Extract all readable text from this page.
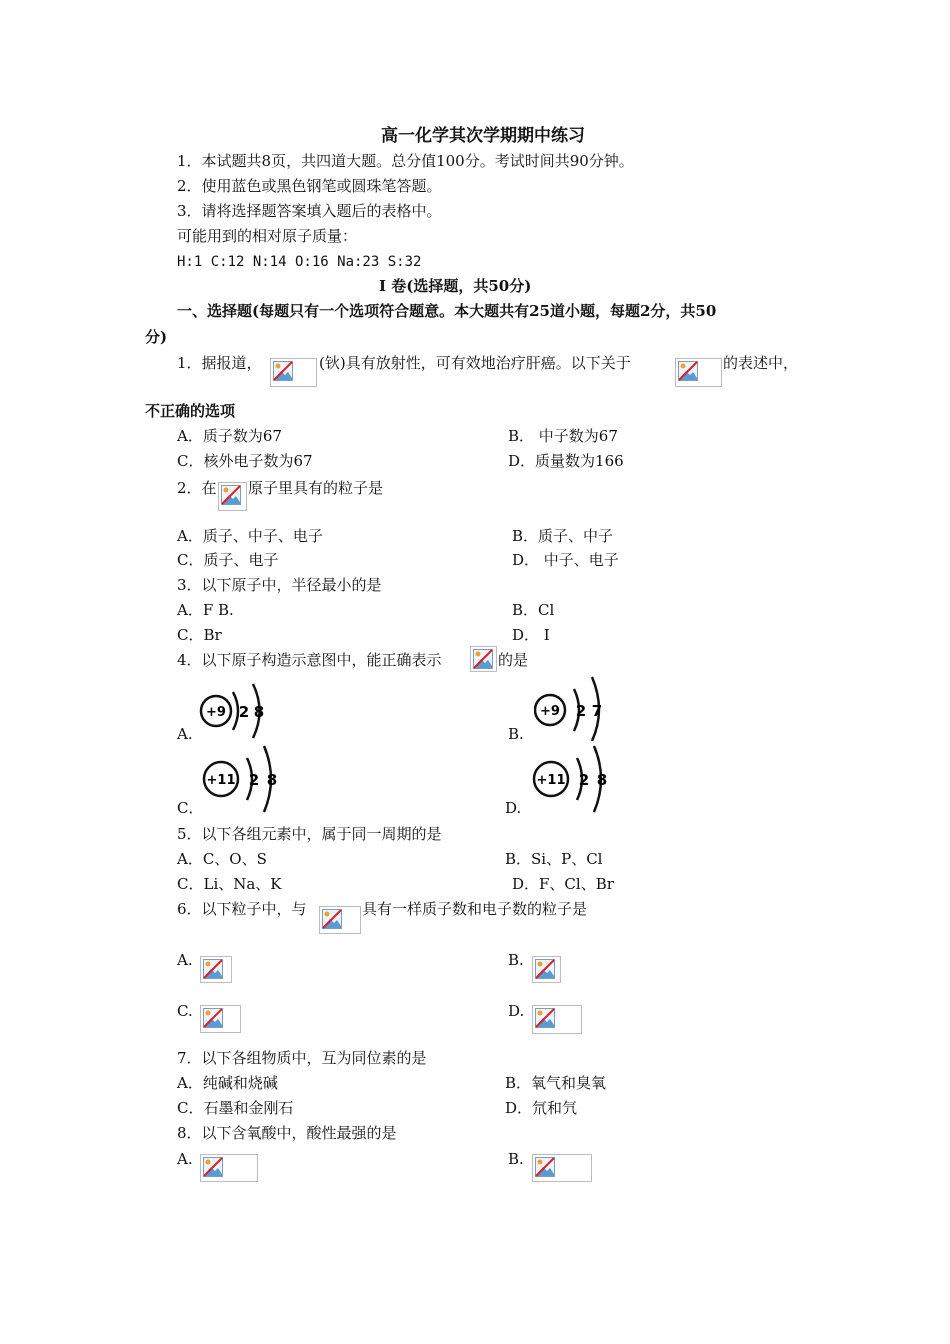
高一化学其次学期期中练习
1．本试题共8页，共四道大题。总分值100分。考试时间共90分钟。
2．使用蓝色或黑色钢笔或圆珠笔答题。
3．请将选择题答案填入题后的表格中。
可能用到的相对原子质量：
H:1 C:12 N:14 O:16 Na:23 S:32
Ⅰ 卷(选择题，共50分)
一、选择题(每题只有一个选项符合题意。本大题共有25道小题，每题2分，共50
分)
1．据报道，	(钬)具有放射性，可有效地治疗肝癌。以下关于	的表述中，
不正确的选项
A．质子数为67	B． 中子数为67
C．核外电子数为67	D．质量数为166
2．在 原子里具有的粒子是
A．质子、中子、电子	B．质子、中子
C．质子、电子	D． 中子、电子
3．以下原子中，半径最小的是
A．F B.	B．Cl
C．Br	D． I
4．以下原子构造示意图中，能正确表示	的是
A.
+9 2 8
B.
+9 2 7
C．
+11 2 8
D.
+11 2 8
5．以下各组元素中，属于同一周期的是
A．C、O、S	B．Si、P、Cl
C．Li、Na、K	D．F、Cl、Br
6．以下粒子中，与	具有一样质子数和电子数的粒子是
A.	B.
C.	D.
7．以下各组物质中，互为同位素的是
A．纯碱和烧碱	B．氧气和臭氧
C．石墨和金刚石	D．氘和氕
8．以下含氧酸中，酸性最强的是
A.	B.
